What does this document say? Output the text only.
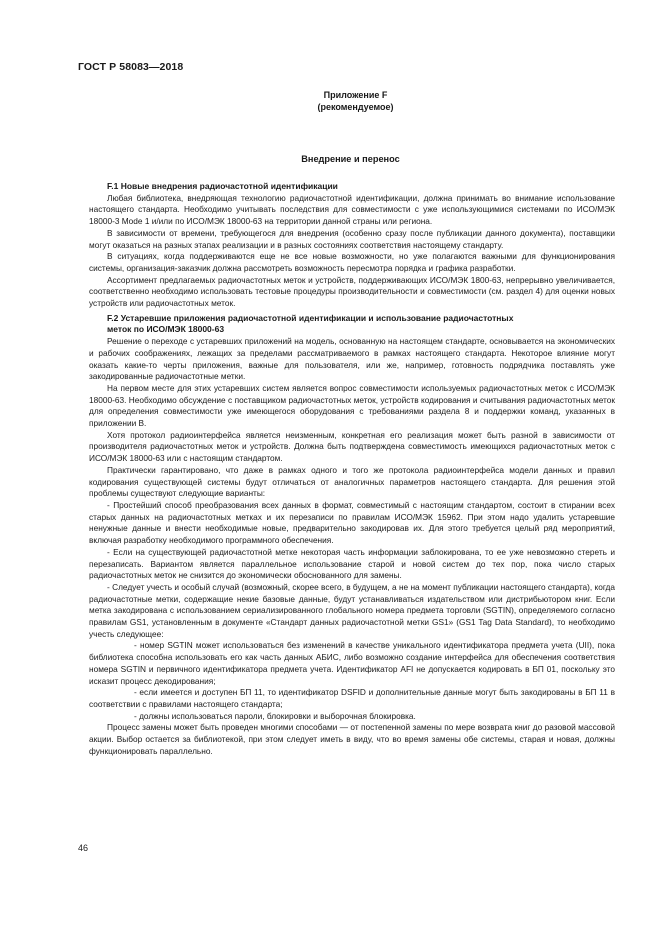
ГОСТ Р 58083—2018
Приложение F
(рекомендуемое)
Внедрение и перенос
F.1 Новые внедрения радиочастотной идентификации

Любая библиотека, внедряющая технологию радиочастотной идентификации, должна принимать во внимание использование настоящего стандарта. Необходимо учитывать последствия для совместимости с уже использующимися системами по ИСО/МЭК 18000-3 Mode 1 и/или по ИСО/МЭК 18000-63 на территории данной страны или региона.

В зависимости от времени, требующегося для внедрения (особенно сразу после публикации данного документа), поставщики могут оказаться на разных этапах реализации и в разных состояниях соответствия настоящему стандарту.

В ситуациях, когда поддерживаются еще не все новые возможности, но уже полагаются важными для функционирования системы, организация-заказчик должна рассмотреть возможность пересмотра порядка и графика разработки.

Ассортимент предлагаемых радиочастотных меток и устройств, поддерживающих ИСО/МЭК 1800-63, непрерывно увеличивается, соответственно необходимо использовать тестовые процедуры производительности и совместимости (см. раздел 4) для оценки новых устройств или радиочастотных меток.

F.2 Устаревшие приложения радиочастотной идентификации и использование радиочастотных
меток по ИСО/МЭК 18000-63

Решение о переходе с устаревших приложений на модель, основанную на настоящем стандарте, основывается на экономических и рабочих соображениях, лежащих за пределами рассматриваемого в рамках настоящего стандарта. Некоторое влияние могут оказать какие-то черты приложения, важные для пользователя, или же, например, готовность подрядчика поставлять уже закодированные радиочастотные метки.

На первом месте для этих устаревших систем является вопрос совместимости используемых радиочастотных меток с ИСО/МЭК 18000-63. Необходимо обсуждение с поставщиком радиочастотных меток, устройств кодирования и считывания радиочастотных меток для определения совместимости уже имеющегося оборудования с требованиями раздела 8 и поддержки команд, указанных в приложении В.

Хотя протокол радиоинтерфейса является неизменным, конкретная его реализация может быть разной в зависимости от производителя радиочастотных меток и устройств. Должна быть подтверждена совместимость имеющихся радиочастотных меток с ИСО/МЭК 18000-63 или с настоящим стандартом.

Практически гарантировано, что даже в рамках одного и того же протокола радиоинтерфейса модели данных и правил кодирования существующей системы будут отличаться от аналогичных параметров настоящего стандарта. Для решения этой проблемы существуют следующие варианты:

- Простейший способ преобразования всех данных в формат, совместимый с настоящим стандартом, состоит в стирании всех старых данных на радиочастотных метках и их перезаписи по правилам ИСО/МЭК 15962. При этом надо удалить устаревшие ненужные данные и внести необходимые новые, предварительно закодировав их. Для этого требуется целый ряд мероприятий, включая разработку необходимого программного обеспечения.

- Если на существующей радиочастотной метке некоторая часть информации заблокирована, то ее уже невозможно стереть и перезаписать. Вариантом является параллельное использование старой и новой систем до тех пор, пока число старых радиочастотных меток не снизится до экономически обоснованного для замены.

- Следует учесть и особый случай (возможный, скорее всего, в будущем, а не на момент публикации настоящего стандарта), когда радиочастотные метки, содержащие некие базовые данные, будут устанавливаться издательством или дистрибьютором книг. Если метка закодирована с использованием сериализированного глобального номера предмета торговли (SGTIN), определяемого согласно правилам GS1, установленным в документе «Стандарт данных радиочастотной метки GS1» (GS1 Tag Data Standard), то необходимо учесть следующее:

- номер SGTIN может использоваться без изменений в качестве уникального идентификатора предмета учета (UII), пока библиотека способна использовать его как часть данных АБИС, либо возможно создание интерфейса для обеспечения соответствия номера SGTIN и первичного идентификатора предмета учета. Идентификатор AFI не допускается кодировать в БП 01, поскольку это исказит процесс декодирования;

- если имеется и доступен БП 11, то идентификатор DSFID и дополнительные данные могут быть закодированы в БП 11 в соответствии с правилами настоящего стандарта;

- должны использоваться пароли, блокировки и выборочная блокировка.

Процесс замены может быть проведен многими способами — от постепенной замены по мере возврата книг до разовой массовой акции. Выбор остается за библиотекой, при этом следует иметь в виду, что во время замены обе системы, старая и новая, должны функционировать параллельно.

46
